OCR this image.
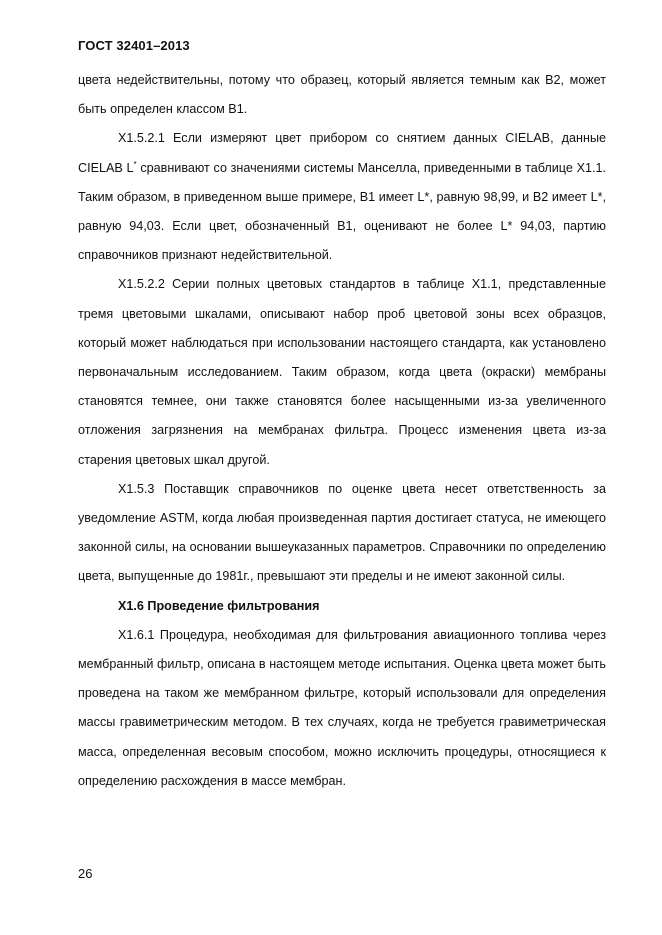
ГОСТ 32401–2013

цвета недействительны, потому что образец, который является темным как В2, может быть определен классом В1.

Х1.5.2.1 Если измеряют цвет прибором со снятием данных CIELAB, данные CIELAB L* сравнивают со значениями системы Манселла, приведенными в таблице Х1.1. Таким образом, в приведенном выше примере, В1 имеет L*, равную 98,99, и В2 имеет L*, равную 94,03. Если цвет, обозначенный В1, оценивают не более L* 94,03, партию справочников признают недействительной.

Х1.5.2.2 Серии полных цветовых стандартов в таблице Х1.1, представленные тремя цветовыми шкалами, описывают набор проб цветовой зоны всех образцов, который может наблюдаться при использовании настоящего стандарта, как установлено первоначальным исследованием. Таким образом, когда цвета (окраски) мембраны становятся темнее, они также становятся более насыщенными из-за увеличенного отложения загрязнения на мембранах фильтра. Процесс изменения цвета из-за старения цветовых шкал другой.

Х1.5.3 Поставщик справочников по оценке цвета несет ответственность за уведомление ASTM, когда любая произведенная партия достигает статуса, не имеющего законной силы, на основании вышеуказанных параметров. Справочники по определению цвета, выпущенные до 1981г., превышают эти пределы и не имеют законной силы.

Х1.6 Проведение фильтрования

Х1.6.1 Процедура, необходимая для фильтрования авиационного топлива через мембранный фильтр, описана в настоящем методе испытания. Оценка цвета может быть проведена на таком же мембранном фильтре, который использовали для определения массы гравиметрическим методом. В тех случаях, когда не требуется гравиметрическая масса, определенная весовым способом, можно исключить процедуры, относящиеся к определению расхождения в массе мембран.

26
